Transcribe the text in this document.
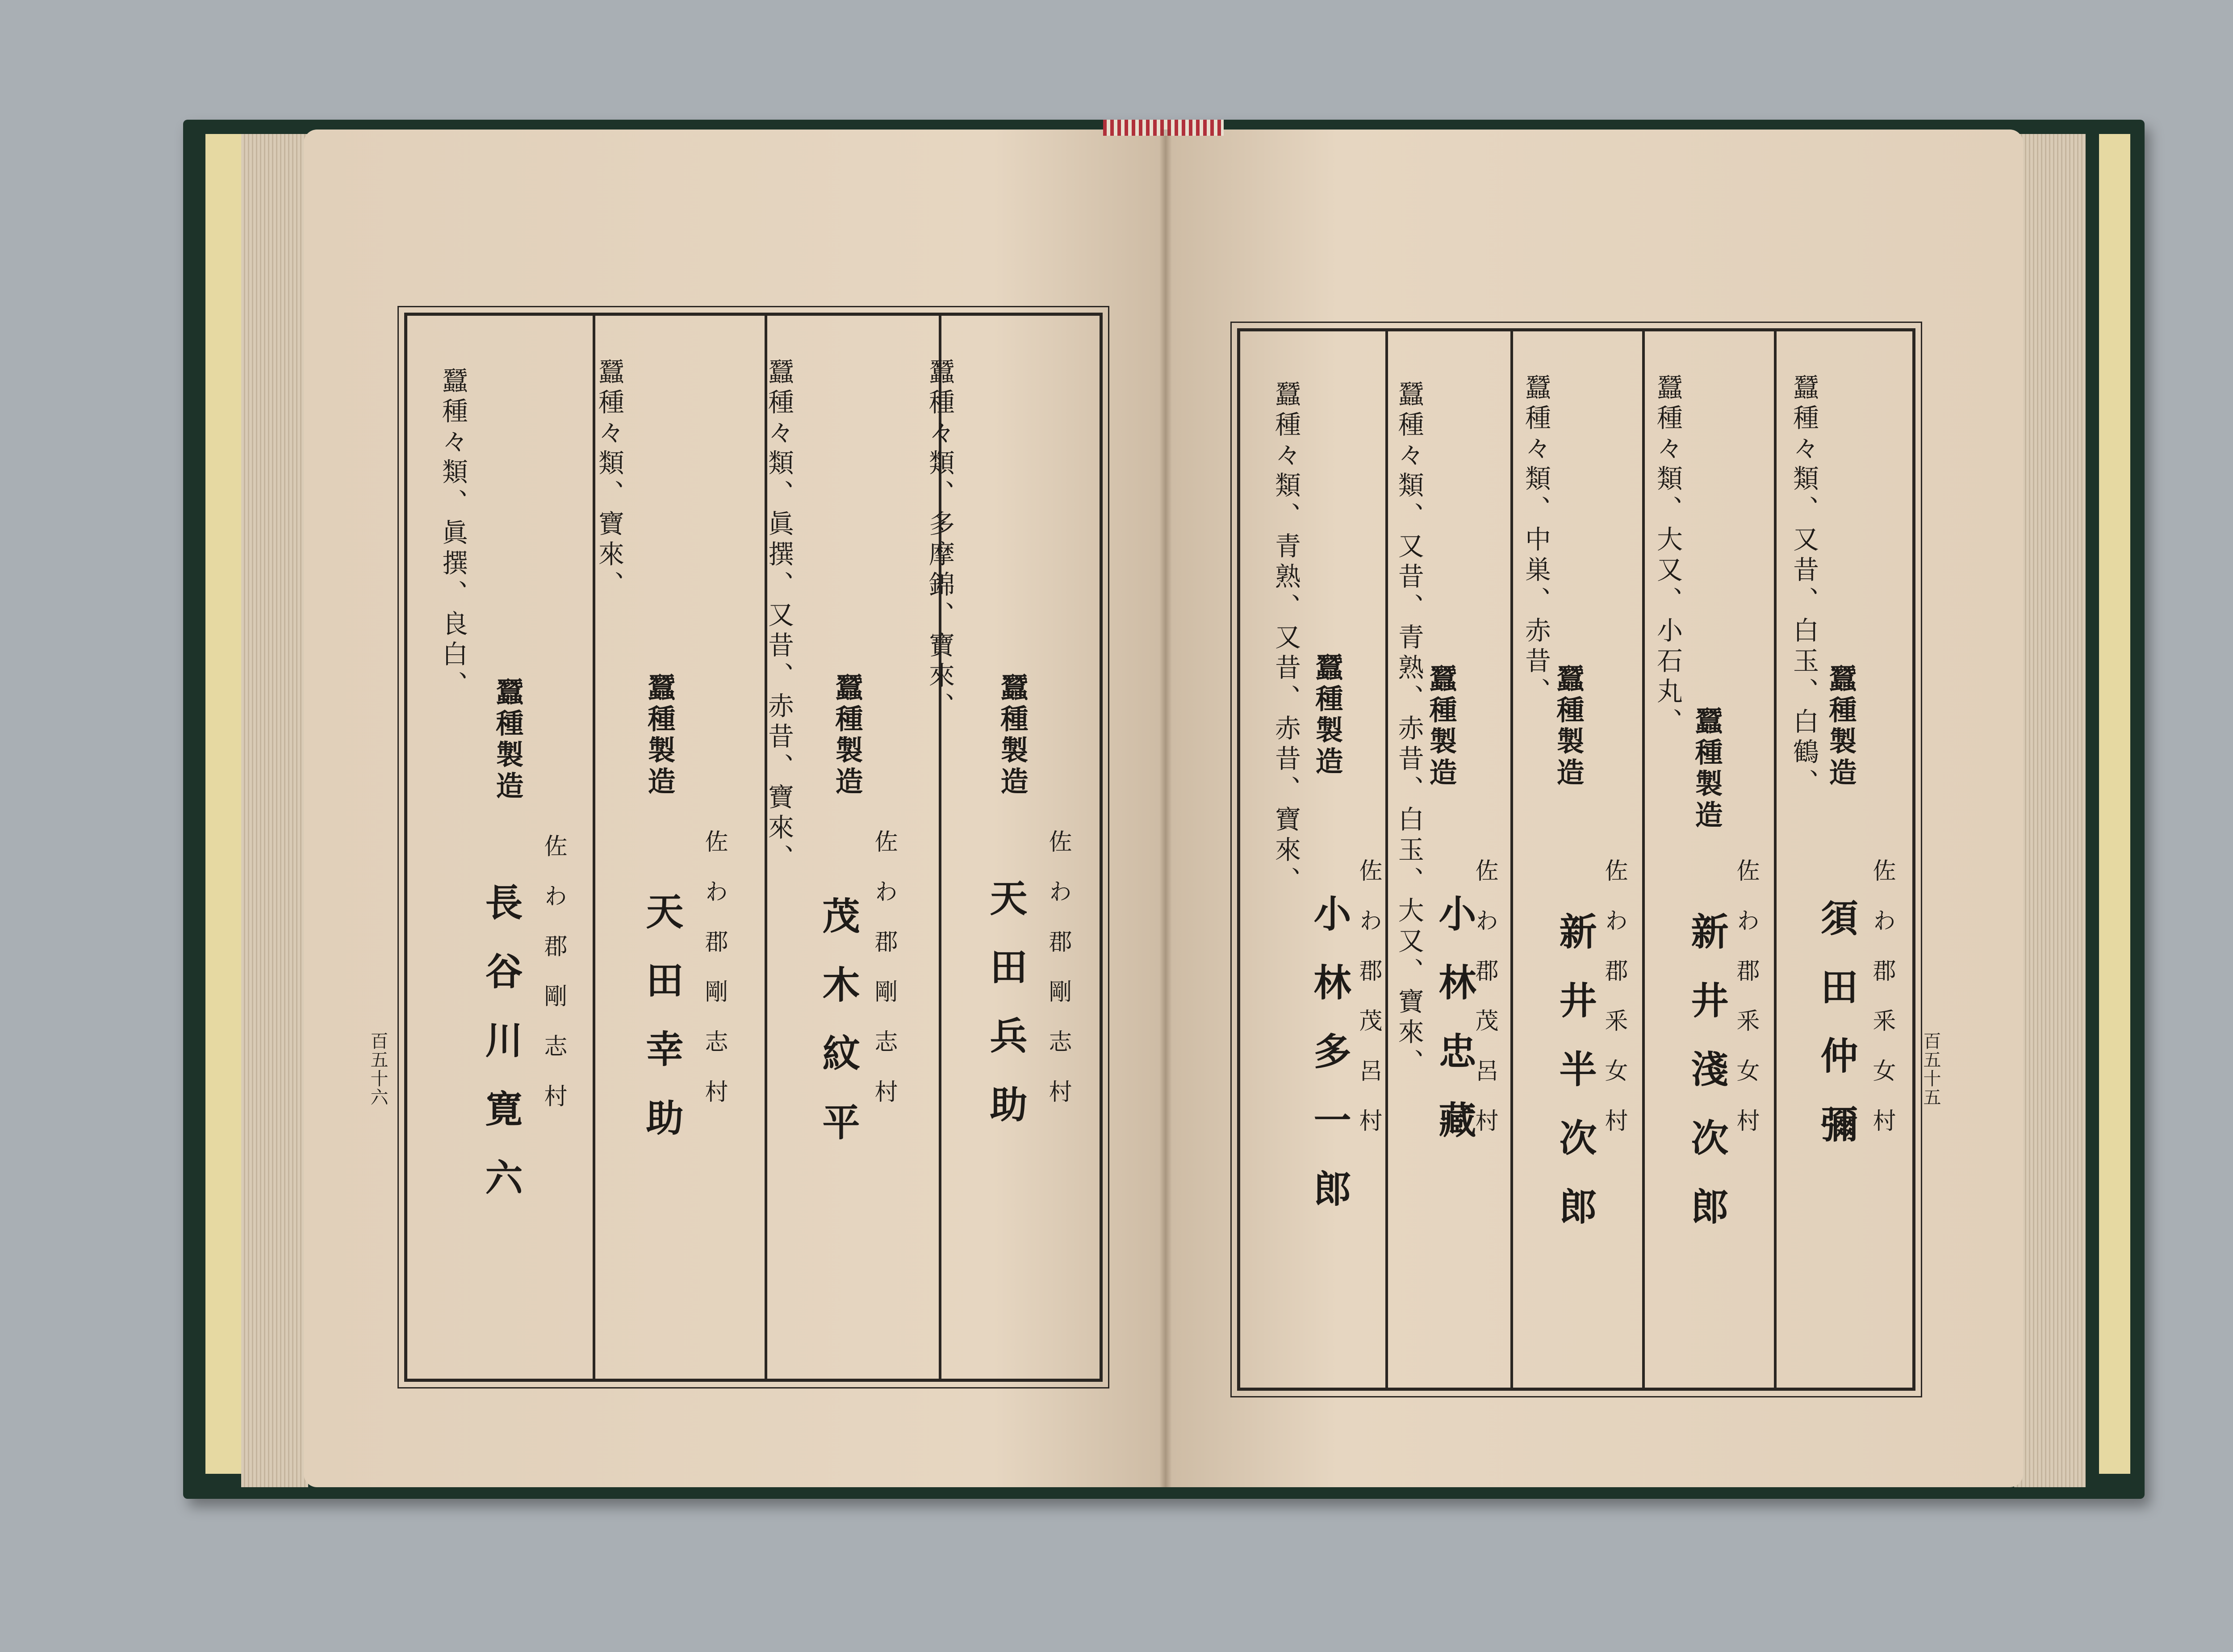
蠶種々類、多摩錦、寶來、
蠶種製造
佐わ郡剛志村
天田兵助
蠶種々類、眞撰、又昔、赤昔、寶來、 蠶種製造
佐わ郡剛志村
茂木紋平
蠶種々類、寶來、
蠶種製造
佐わ郡剛志村
天田幸助
蠶種々類、眞撰、良白、
蠶種製造
佐わ郡剛志村
長谷川寛六
百五十六
蠶種々類、又昔、白玉、白鶴、 蠶種製造
佐わ郡釆女村
須田仲彌
蠶種々類、大又、小石丸、
蠶種製造
佐わ郡釆女村
新井淺次郎
蠶種々類、中巣、赤昔、
蠶種製造
佐わ郡釆女村
新井半次郎
蠶種々類、又昔、青熟、赤昔、白玉、大又、寶來、 蠶種製造
佐わ郡茂呂村
小林忠藏
蠶種々類、青熟、又昔、赤昔、寶來、 蠶種製造
佐わ郡茂呂村
小林多一郎	百五十五
